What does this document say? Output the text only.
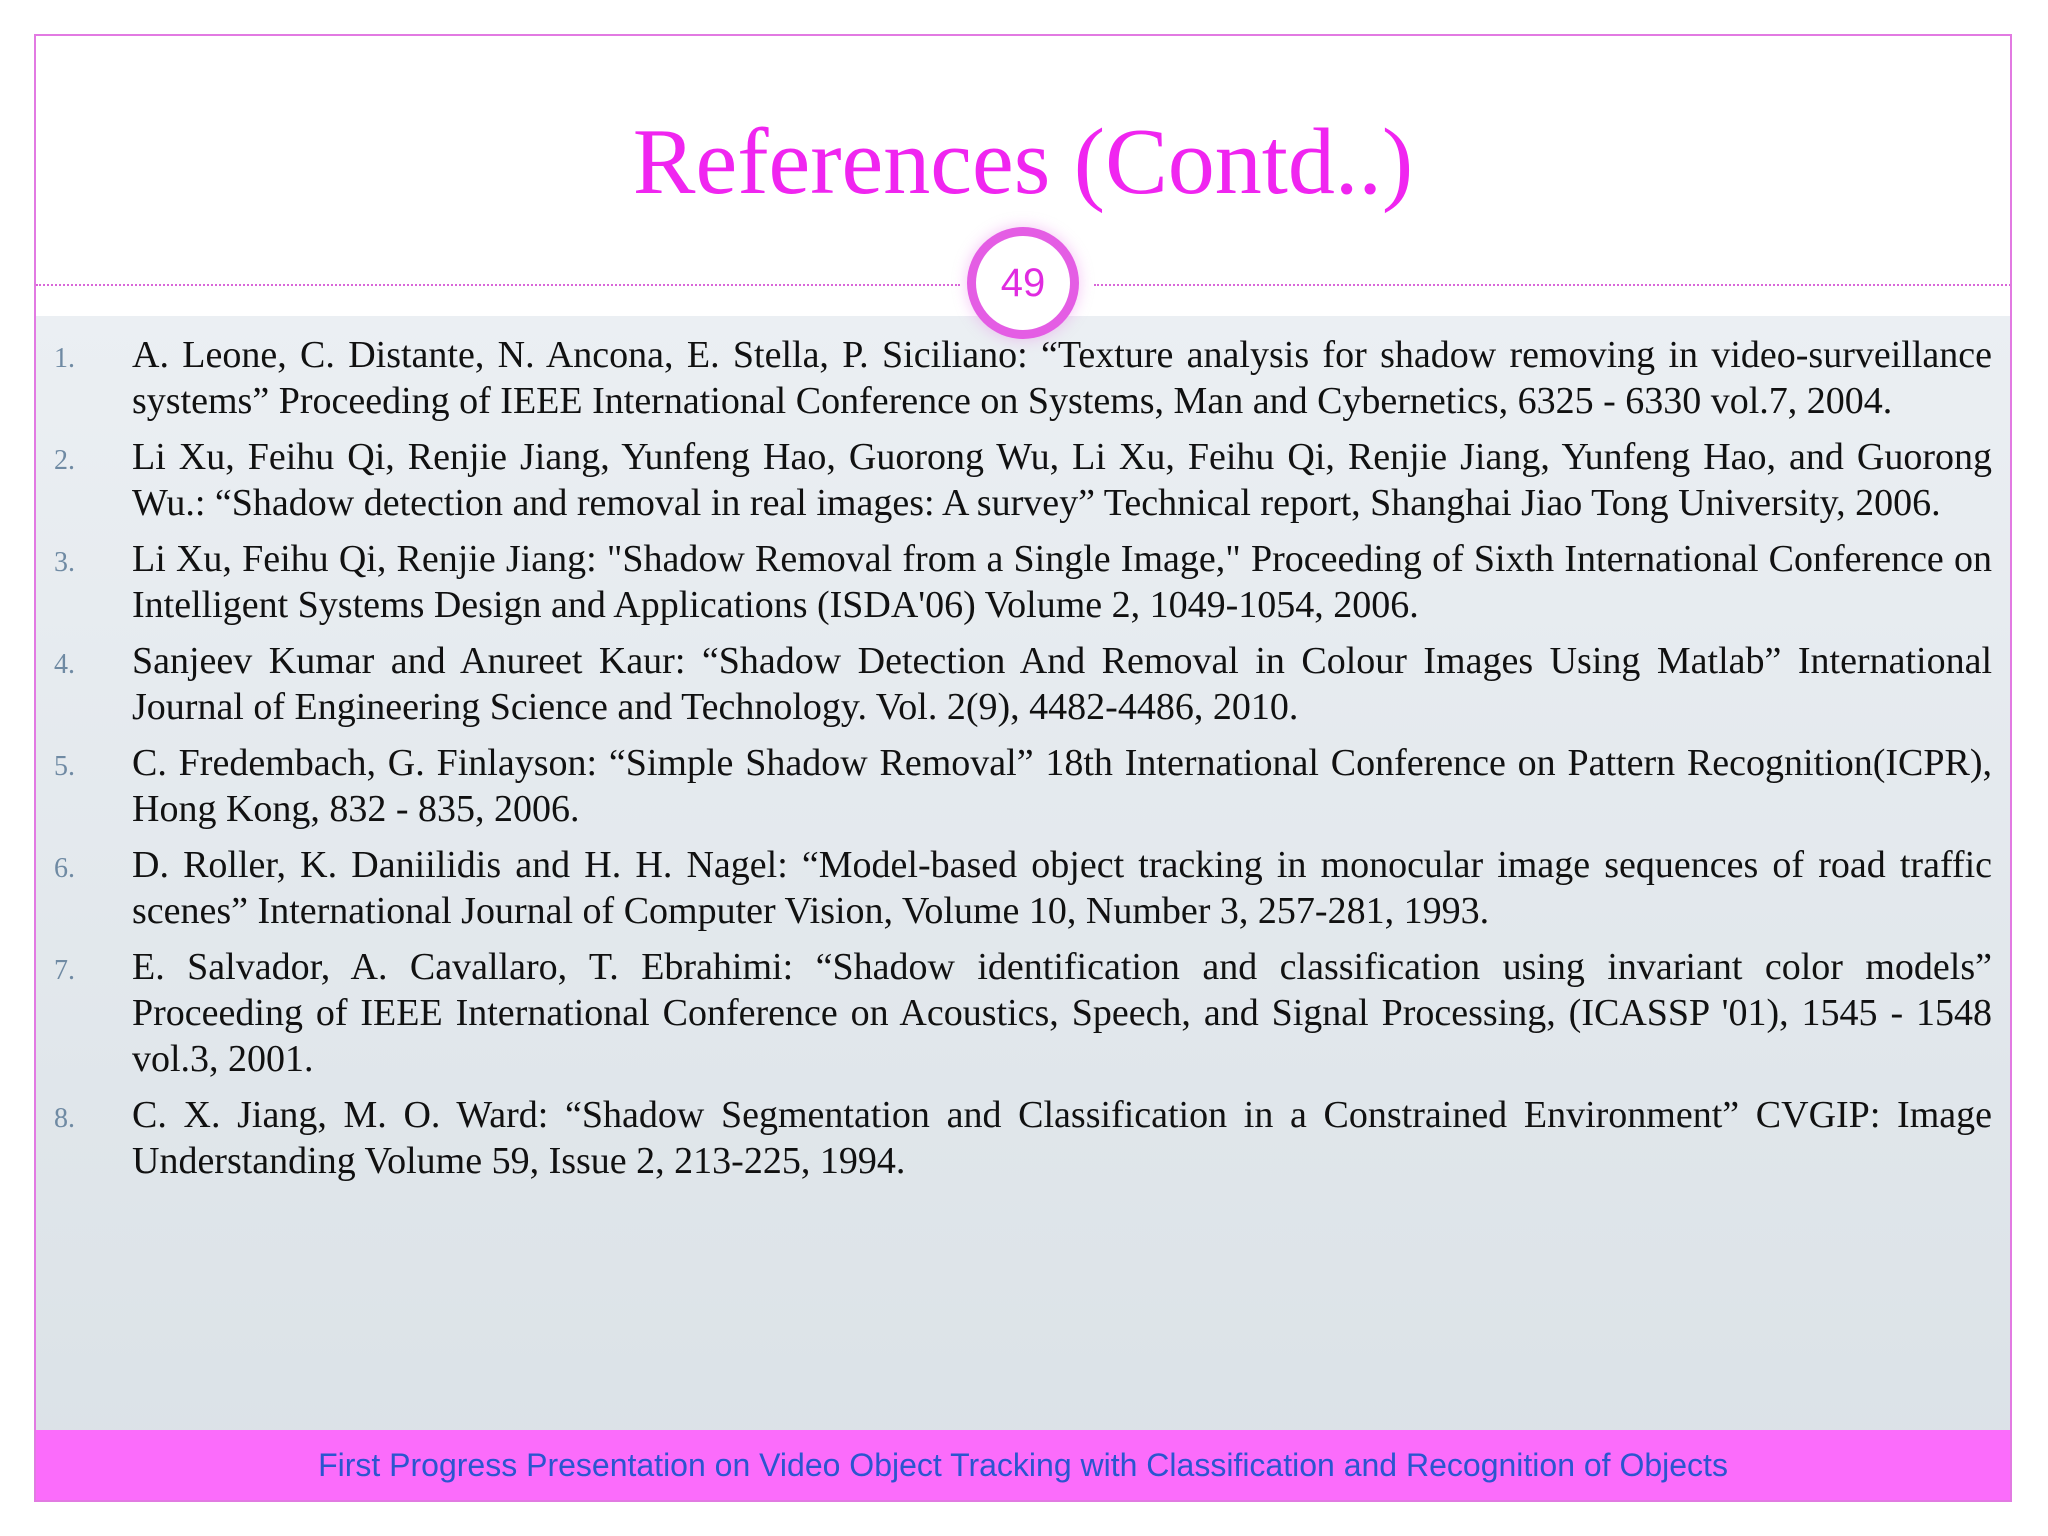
References (Contd..)
49
1. A. Leone, C. Distante, N. Ancona, E. Stella, P. Siciliano: “Texture analysis for shadow removing in video-surveillance systems” Proceeding of IEEE International Conference on Systems, Man and Cybernetics, 6325 - 6330 vol.7, 2004.
2. Li Xu, Feihu Qi, Renjie Jiang, Yunfeng Hao, Guorong Wu, Li Xu, Feihu Qi, Renjie Jiang, Yunfeng Hao, and Guorong Wu.: “Shadow detection and removal in real images: A survey” Technical report, Shanghai Jiao Tong University, 2006.
3. Li Xu, Feihu Qi, Renjie Jiang: "Shadow Removal from a Single Image," Proceeding of Sixth International Conference on Intelligent Systems Design and Applications (ISDA'06) Volume 2, 1049-1054, 2006.
4. Sanjeev Kumar and Anureet Kaur: “Shadow Detection And Removal in Colour Images Using Matlab” International Journal of Engineering Science and Technology. Vol. 2(9), 4482-4486, 2010.
5. C. Fredembach, G. Finlayson: “Simple Shadow Removal” 18th International Conference on Pattern Recognition(ICPR), Hong Kong, 832 - 835, 2006.
6. D. Roller, K. Daniilidis and H. H. Nagel: “Model-based object tracking in monocular image sequences of road traffic scenes” International Journal of Computer Vision, Volume 10, Number 3, 257-281, 1993.
7. E. Salvador, A. Cavallaro, T. Ebrahimi: “Shadow identification and classification using invariant color models” Proceeding of IEEE International Conference on Acoustics, Speech, and Signal Processing, (ICASSP '01), 1545 - 1548 vol.3, 2001.
8. C. X. Jiang, M. O. Ward: “Shadow Segmentation and Classification in a Constrained Environment” CVGIP: Image Understanding Volume 59, Issue 2, 213-225, 1994.
First Progress Presentation on Video Object Tracking with Classification and Recognition of Objects
